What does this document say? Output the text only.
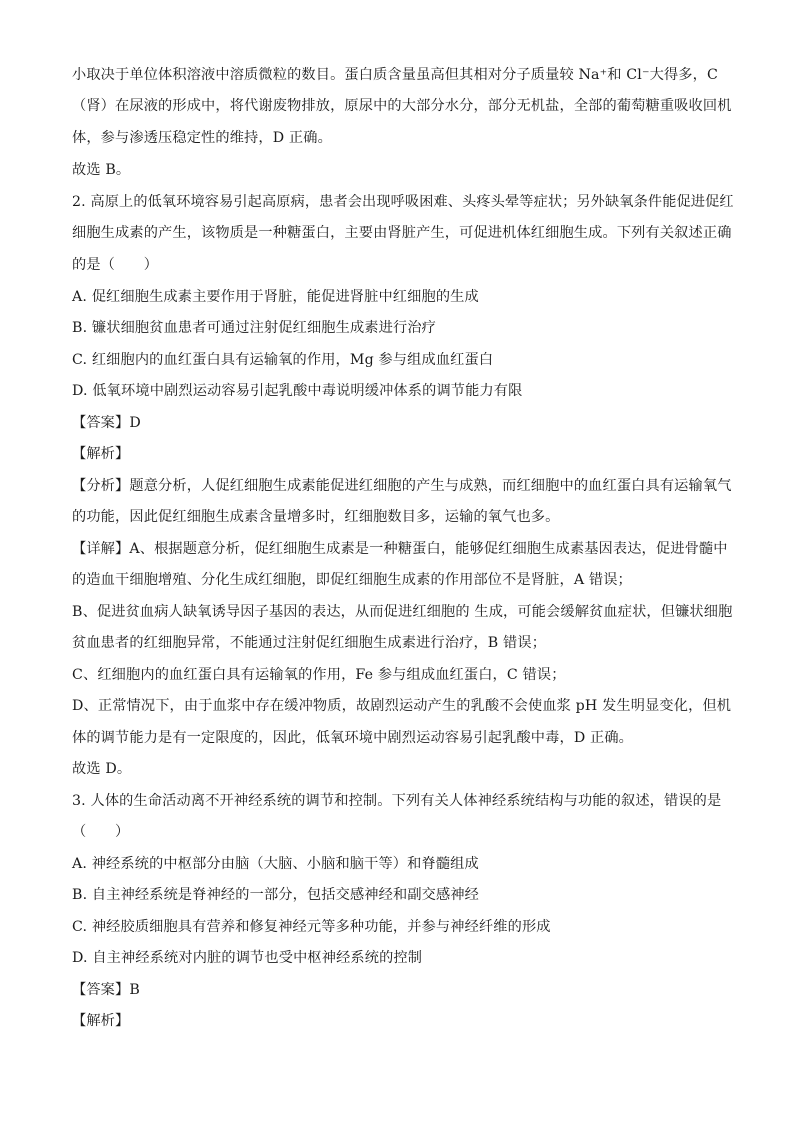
小取决于单位体积溶液中溶质微粒的数目。蛋白质含量虽高但其相对分子质量较 Na⁺和 Cl⁻大得多，C
（肾）在尿液的形成中，将代谢废物排放，原尿中的大部分水分，部分无机盐，全部的葡萄糖重吸收回机
体，参与渗透压稳定性的维持，D 正确。
故选 B。
2. 高原上的低氧环境容易引起高原病，患者会出现呼吸困难、头疼头晕等症状；另外缺氧条件能促进促红
细胞生成素的产生，该物质是一种糖蛋白，主要由肾脏产生，可促进机体红细胞生成。下列有关叙述正确
的是（　　）
A. 促红细胞生成素主要作用于肾脏，能促进肾脏中红细胞的生成
B. 镰状细胞贫血患者可通过注射促红细胞生成素进行治疗
C. 红细胞内的血红蛋白具有运输氧的作用，Mg 参与组成血红蛋白
D. 低氧环境中剧烈运动容易引起乳酸中毒说明缓冲体系的调节能力有限
【答案】D
【解析】
【分析】题意分析，人促红细胞生成素能促进红细胞的产生与成熟，而红细胞中的血红蛋白具有运输氧气
的功能，因此促红细胞生成素含量增多时，红细胞数目多，运输的氧气也多。
【详解】A、根据题意分析，促红细胞生成素是一种糖蛋白，能够促红细胞生成素基因表达，促进骨髓中
的造血干细胞增殖、分化生成红细胞，即促红细胞生成素的作用部位不是肾脏，A 错误；
B、促进贫血病人缺氧诱导因子基因的表达，从而促进红细胞的 生成，可能会缓解贫血症状，但镰状细胞
贫血患者的红细胞异常，不能通过注射促红细胞生成素进行治疗，B 错误；
C、红细胞内的血红蛋白具有运输氧的作用，Fe 参与组成血红蛋白，C 错误；
D、正常情况下，由于血浆中存在缓冲物质，故剧烈运动产生的乳酸不会使血浆 pH 发生明显变化，但机
体的调节能力是有一定限度的，因此，低氧环境中剧烈运动容易引起乳酸中毒，D 正确。
故选 D。
3. 人体的生命活动离不开神经系统的调节和控制。下列有关人体神经系统结构与功能的叙述，错误的是
（　　）
A. 神经系统的中枢部分由脑（大脑、小脑和脑干等）和脊髓组成
B. 自主神经系统是脊神经的一部分，包括交感神经和副交感神经
C. 神经胶质细胞具有营养和修复神经元等多种功能，并参与神经纤维的形成
D. 自主神经系统对内脏的调节也受中枢神经系统的控制
【答案】B
【解析】
